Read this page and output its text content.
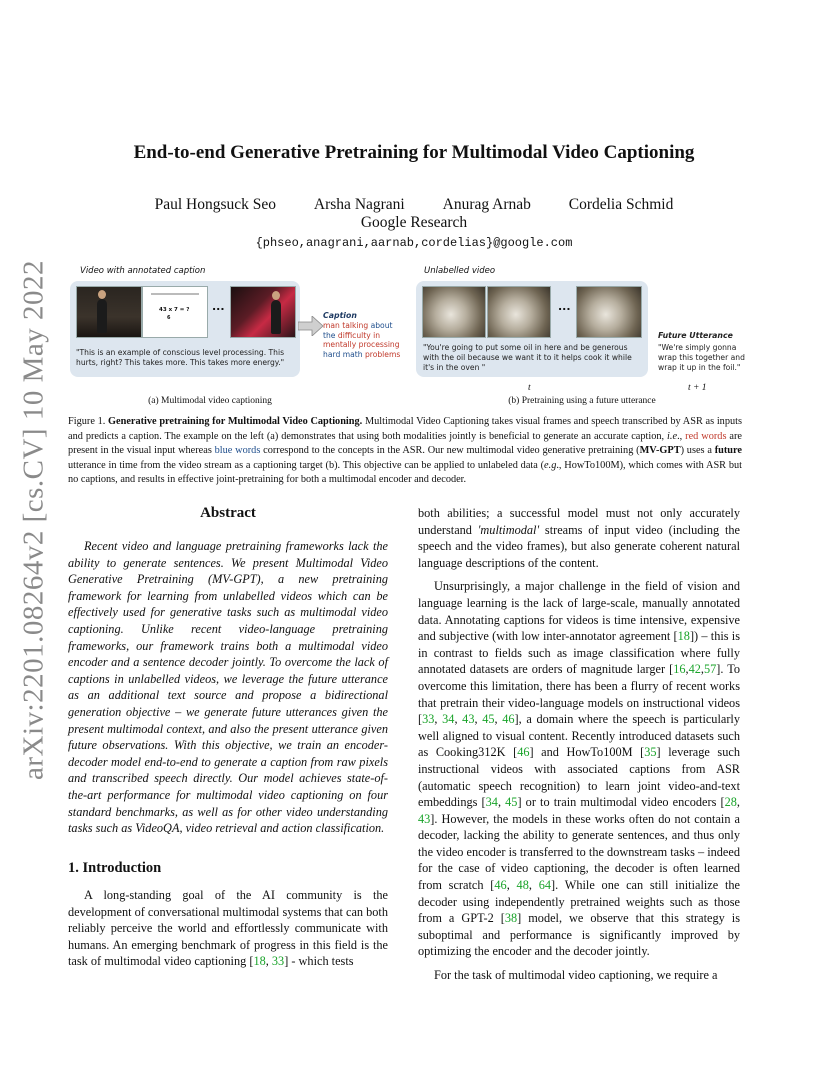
arXiv:2201.08264v2 [cs.CV] 10 May 2022
End-to-end Generative Pretraining for Multimodal Video Captioning
Paul Hongsuck Seo Arsha Nagrani Anurag Arnab Cordelia Schmid
Google Research
{phseo,anagrani,aarnab,cordelias}@google.com
Video with annotated caption
43 x 7 = ?
6
...
"This is an example of conscious level processing. This hurts, right? This takes more. This takes more energy."
Caption
man talking about the difficulty in mentally processing hard math problems
(a) Multimodal video captioning
Unlabelled video
...
"You're going to put some oil in here and be generous with the oil because we want it to it helps cook it while it's in the oven "
Future Utterance
"We're simply gonna wrap this together and wrap it up in the foil."
t	t + 1
(b) Pretraining using a future utterance
Figure 1. Generative pretraining for Multimodal Video Captioning. Multimodal Video Captioning takes visual frames and speech transcribed by ASR as inputs and predicts a caption. The example on the left (a) demonstrates that using both modalities jointly is beneficial to generate an accurate caption, i.e., red words are present in the visual input whereas blue words correspond to the concepts in the ASR. Our new multimodal video generative pretraining (MV-GPT) uses a future utterance in time from the video stream as a captioning target (b). This objective can be applied to unlabeled data (e.g., HowTo100M), which comes with ASR but no captions, and results in effective joint-pretraining for both a multimodal encoder and decoder.
Abstract
Recent video and language pretraining frameworks lack the ability to generate sentences. We present Multimodal Video Generative Pretraining (MV-GPT), a new pretraining framework for learning from unlabelled videos which can be effectively used for generative tasks such as multimodal video captioning. Unlike recent video-language pretraining frameworks, our framework trains both a multimodal video encoder and a sentence decoder jointly. To overcome the lack of captions in unlabelled videos, we leverage the future utterance as an additional text source and propose a bidirectional generation objective – we generate future utterances given the present multimodal context, and also the present utterance given future observations. With this objective, we train an encoder-decoder model end-to-end to generate a caption from raw pixels and transcribed speech directly. Our model achieves state-of-the-art performance for multimodal video captioning on four standard benchmarks, as well as for other video understanding tasks such as VideoQA, video retrieval and action classification.
1. Introduction
A long-standing goal of the AI community is the development of conversational multimodal systems that can both reliably perceive the world and effortlessly communicate with humans. An emerging benchmark of progress in this field is the task of multimodal video captioning [18, 33] - which tests

both abilities; a successful model must not only accurately understand 'multimodal' streams of input video (including the speech and the video frames), but also generate coherent natural language descriptions of the content.

Unsurprisingly, a major challenge in the field of vision and language learning is the lack of large-scale, manually annotated data. Annotating captions for videos is time intensive, expensive and subjective (with low inter-annotator agreement [18]) – this is in contrast to fields such as image classification where fully annotated datasets are orders of magnitude larger [16,42,57]. To overcome this limitation, there has been a flurry of recent works that pretrain their video-language models on instructional videos [33, 34, 43, 45, 46], a domain where the speech is particularly well aligned to visual content. Recently introduced datasets such as Cooking312K [46] and HowTo100M [35] leverage such instructional videos with associated captions from ASR (automatic speech recognition) to learn joint video-and-text embeddings [34, 45] or to train multimodal video encoders [28, 43]. However, the models in these works often do not contain a decoder, lacking the ability to generate sentences, and thus only the video encoder is transferred to the downstream tasks – indeed for the case of video captioning, the decoder is often learned from scratch [46, 48, 64]. While one can still initialize the decoder using independently pretrained weights such as those from a GPT-2 [38] model, we observe that this strategy is suboptimal and performance is significantly improved by optimizing the encoder and the decoder jointly.

For the task of multimodal video captioning, we require a
